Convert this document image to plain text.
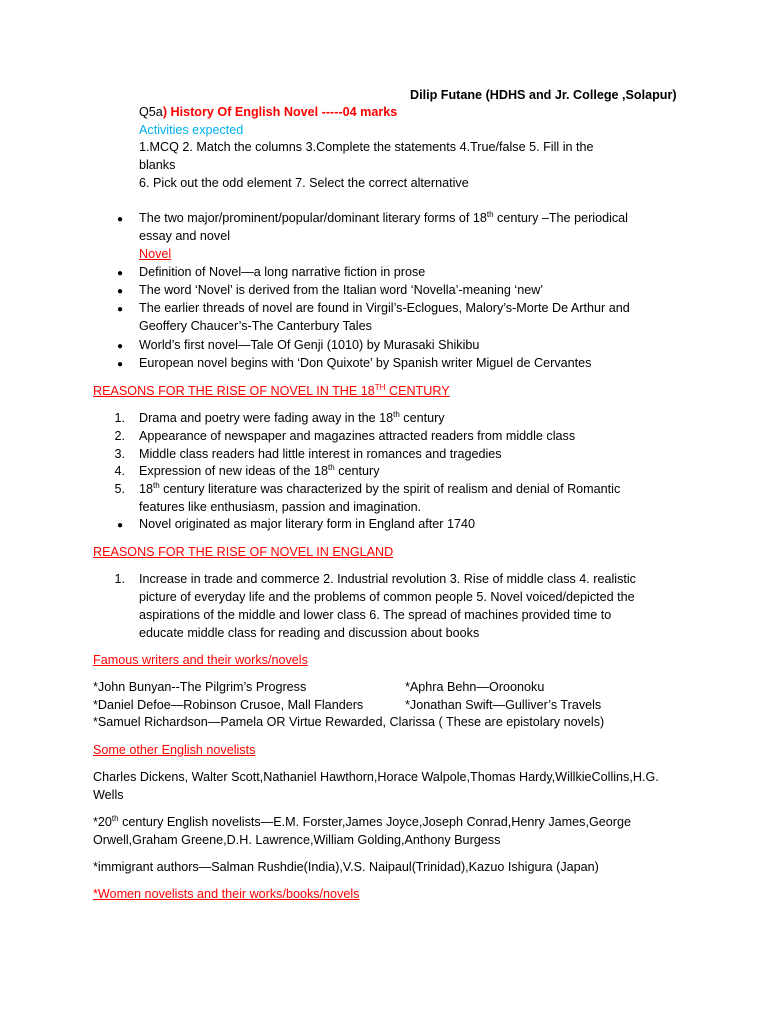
Dilip Futane (HDHS and Jr. College ,Solapur)
Q5a) History Of English Novel -----04 marks
Activities expected
1.MCQ 2. Match the columns 3.Complete the statements 4.True/false 5. Fill in the
blanks
6. Pick out the odd element 7. Select the correct alternative
● The two major/prominent/popular/dominant literary forms of 18th century –The periodical
essay and novel
Novel
● Definition of Novel—a long narrative fiction in prose
● The word ‘Novel’ is derived from the Italian word ‘Novella’-meaning ‘new’
● The earlier threads of novel are found in Virgil’s-Eclogues, Malory’s-Morte De Arthur and
Geoffery Chaucer’s-The Canterbury Tales
● World’s first novel—Tale Of Genji (1010) by Murasaki Shikibu
● European novel begins with ‘Don Quixote’ by Spanish writer Miguel de Cervantes
REASONS FOR THE RISE OF NOVEL IN THE 18TH CENTURY
1. Drama and poetry were fading away in the 18th century
2. Appearance of newspaper and magazines attracted readers from middle class
3. Middle class readers had little interest in romances and tragedies
4. Expression of new ideas of the 18th century
5. 18th century literature was characterized by the spirit of realism and denial of Romantic
features like enthusiasm, passion and imagination.
● Novel originated as major literary form in England after 1740
REASONS FOR THE RISE OF NOVEL IN ENGLAND
1. Increase in trade and commerce 2. Industrial revolution 3. Rise of middle class 4. realistic
picture of everyday life and the problems of common people 5. Novel voiced/depicted the
aspirations of the middle and lower class 6. The spread of machines provided time to
educate middle class for reading and discussion about books
Famous writers and their works/novels
*John Bunyan--The Pilgrim’s Progress	*Aphra Behn—Oroonoku
*Daniel Defoe—Robinson Crusoe, Mall Flanders	*Jonathan Swift—Gulliver’s Travels
*Samuel Richardson—Pamela OR Virtue Rewarded, Clarissa ( These are epistolary novels)
Some other English novelists
Charles Dickens, Walter Scott,Nathaniel Hawthorn,Horace Walpole,Thomas Hardy,WillkieCollins,H.G.
Wells
*20th century English novelists—E.M. Forster,James Joyce,Joseph Conrad,Henry James,George
Orwell,Graham Greene,D.H. Lawrence,William Golding,Anthony Burgess
*immigrant authors—Salman Rushdie(India),V.S. Naipaul(Trinidad),Kazuo Ishigura (Japan)
*Women novelists and their works/books/novels
